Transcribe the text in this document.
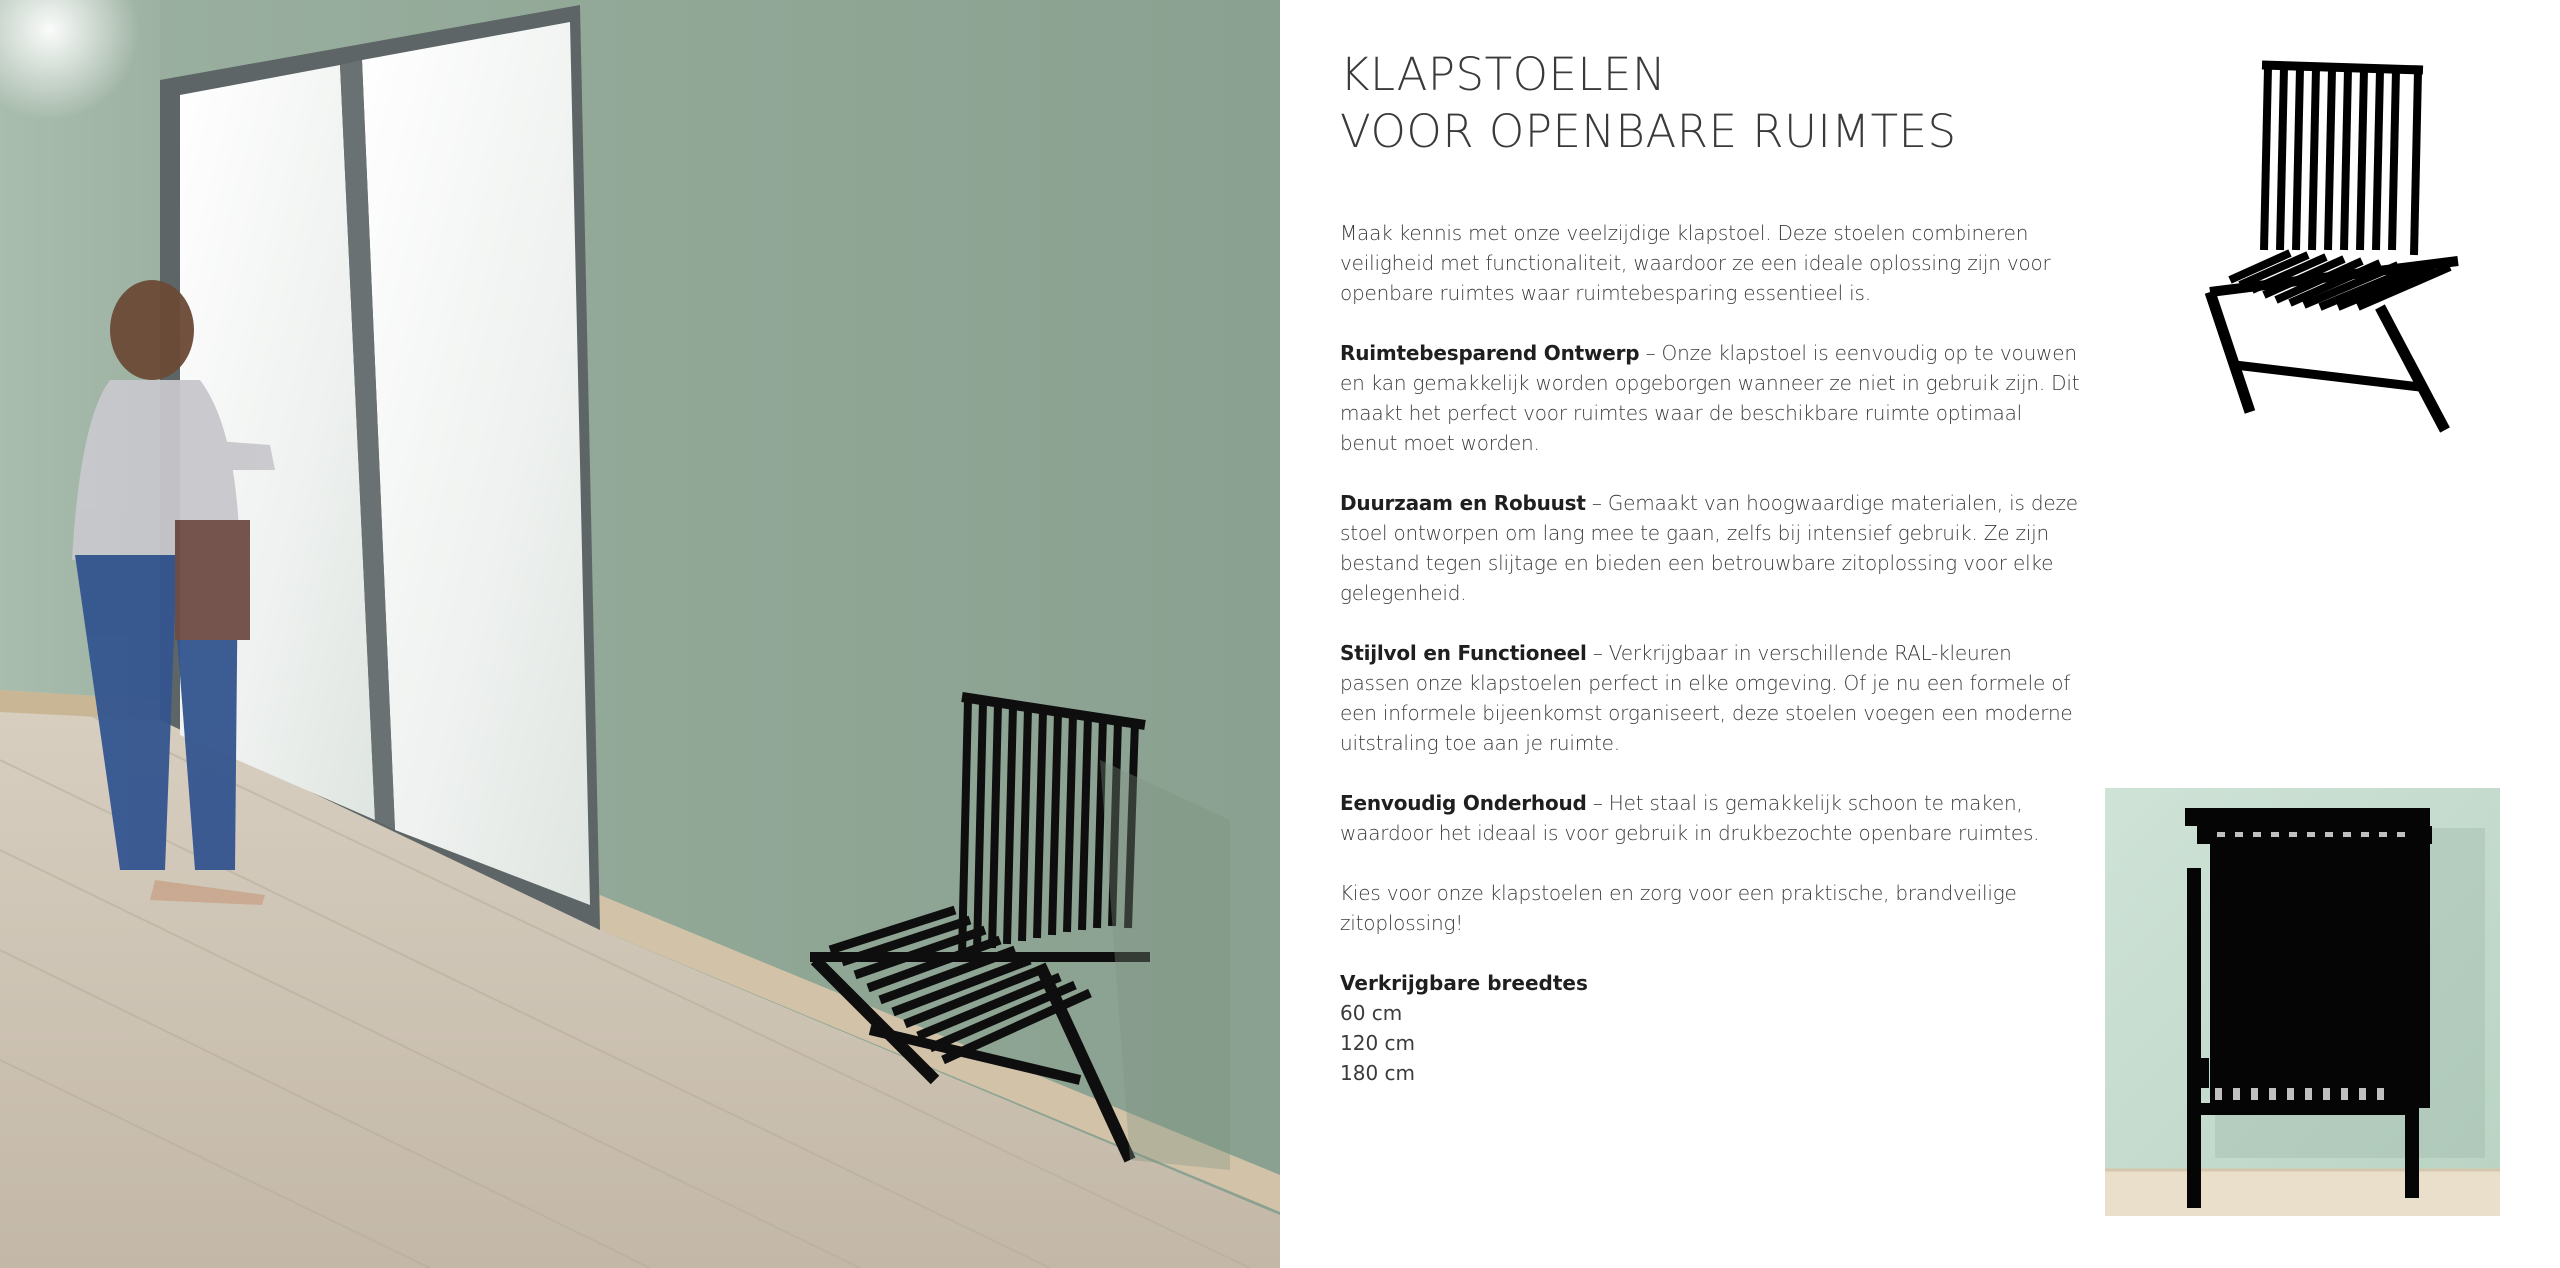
KLAPSTOELEN
VOOR OPENBARE RUIMTES

Maak kennis met onze veelzijdige klapstoel. Deze stoelen combineren veiligheid met functionaliteit, waardoor ze een ideale oplossing zijn voor openbare ruimtes waar ruimtebesparing essentieel is.

Ruimtebesparend Ontwerp – Onze klapstoel is eenvoudig op te vouwen en kan gemakkelijk worden opgeborgen wanneer ze niet in gebruik zijn. Dit maakt het perfect voor ruimtes waar de beschikbare ruimte optimaal benut moet worden.

Duurzaam en Robuust – Gemaakt van hoogwaardige materialen, is deze stoel ontworpen om lang mee te gaan, zelfs bij intensief gebruik. Ze zijn bestand tegen slijtage en bieden een betrouwbare zitoplossing voor elke gelegenheid.

Stijlvol en Functioneel – Verkrijgbaar in verschillende RAL-kleuren passen onze klapstoelen perfect in elke omgeving. Of je nu een formele of een informele bijeenkomst organiseert, deze stoelen voegen een moderne uitstraling toe aan je ruimte.

Eenvoudig Onderhoud – Het staal is gemakkelijk schoon te maken, waardoor het ideaal is voor gebruik in drukbezochte openbare ruimtes.

Kies voor onze klapstoelen en zorg voor een praktische, brandveilige zitoplossing!

Verkrijgbare breedtes
60 cm
120 cm
180 cm
